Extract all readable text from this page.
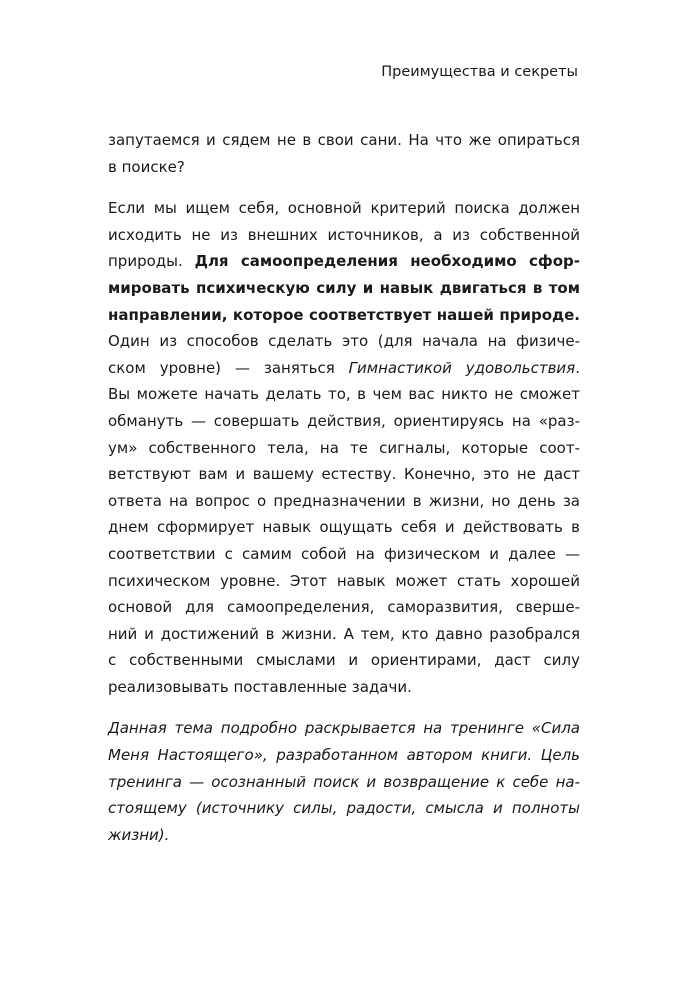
Преимущества и секреты
запутаемся и сядем не в свои сани. На что же опираться
в поиске?
Если мы ищем себя, основной критерий поиска должен
исходить не из внешних источников, а из собственной
природы. Для самоопределения необходимо сфор-
мировать психическую силу и навык двигаться в том
направлении, которое соответствует нашей природе.
Один из способов сделать это (для начала на физиче-
ском уровне) — заняться Гимнастикой удовольствия.
Вы можете начать делать то, в чем вас никто не сможет
обмануть — совершать действия, ориентируясь на «раз-
ум» собственного тела, на те сигналы, которые соот-
ветствуют вам и вашему естеству. Конечно, это не даст
ответа на вопрос о предназначении в жизни, но день за
днем сформирует навык ощущать себя и действовать в
соответствии с самим собой на физическом и далее —
психическом уровне. Этот навык может стать хорошей
основой для самоопределения, саморазвития, сверше-
ний и достижений в жизни. А тем, кто давно разобрался
с собственными смыслами и ориентирами, даст силу
реализовывать поставленные задачи.
Данная тема подробно раскрывается на тренинге «Сила
Меня Настоящего», разработанном автором книги. Цель
тренинга — осознанный поиск и возвращение к себе на-
стоящему (источнику силы, радости, смысла и полноты
жизни).
